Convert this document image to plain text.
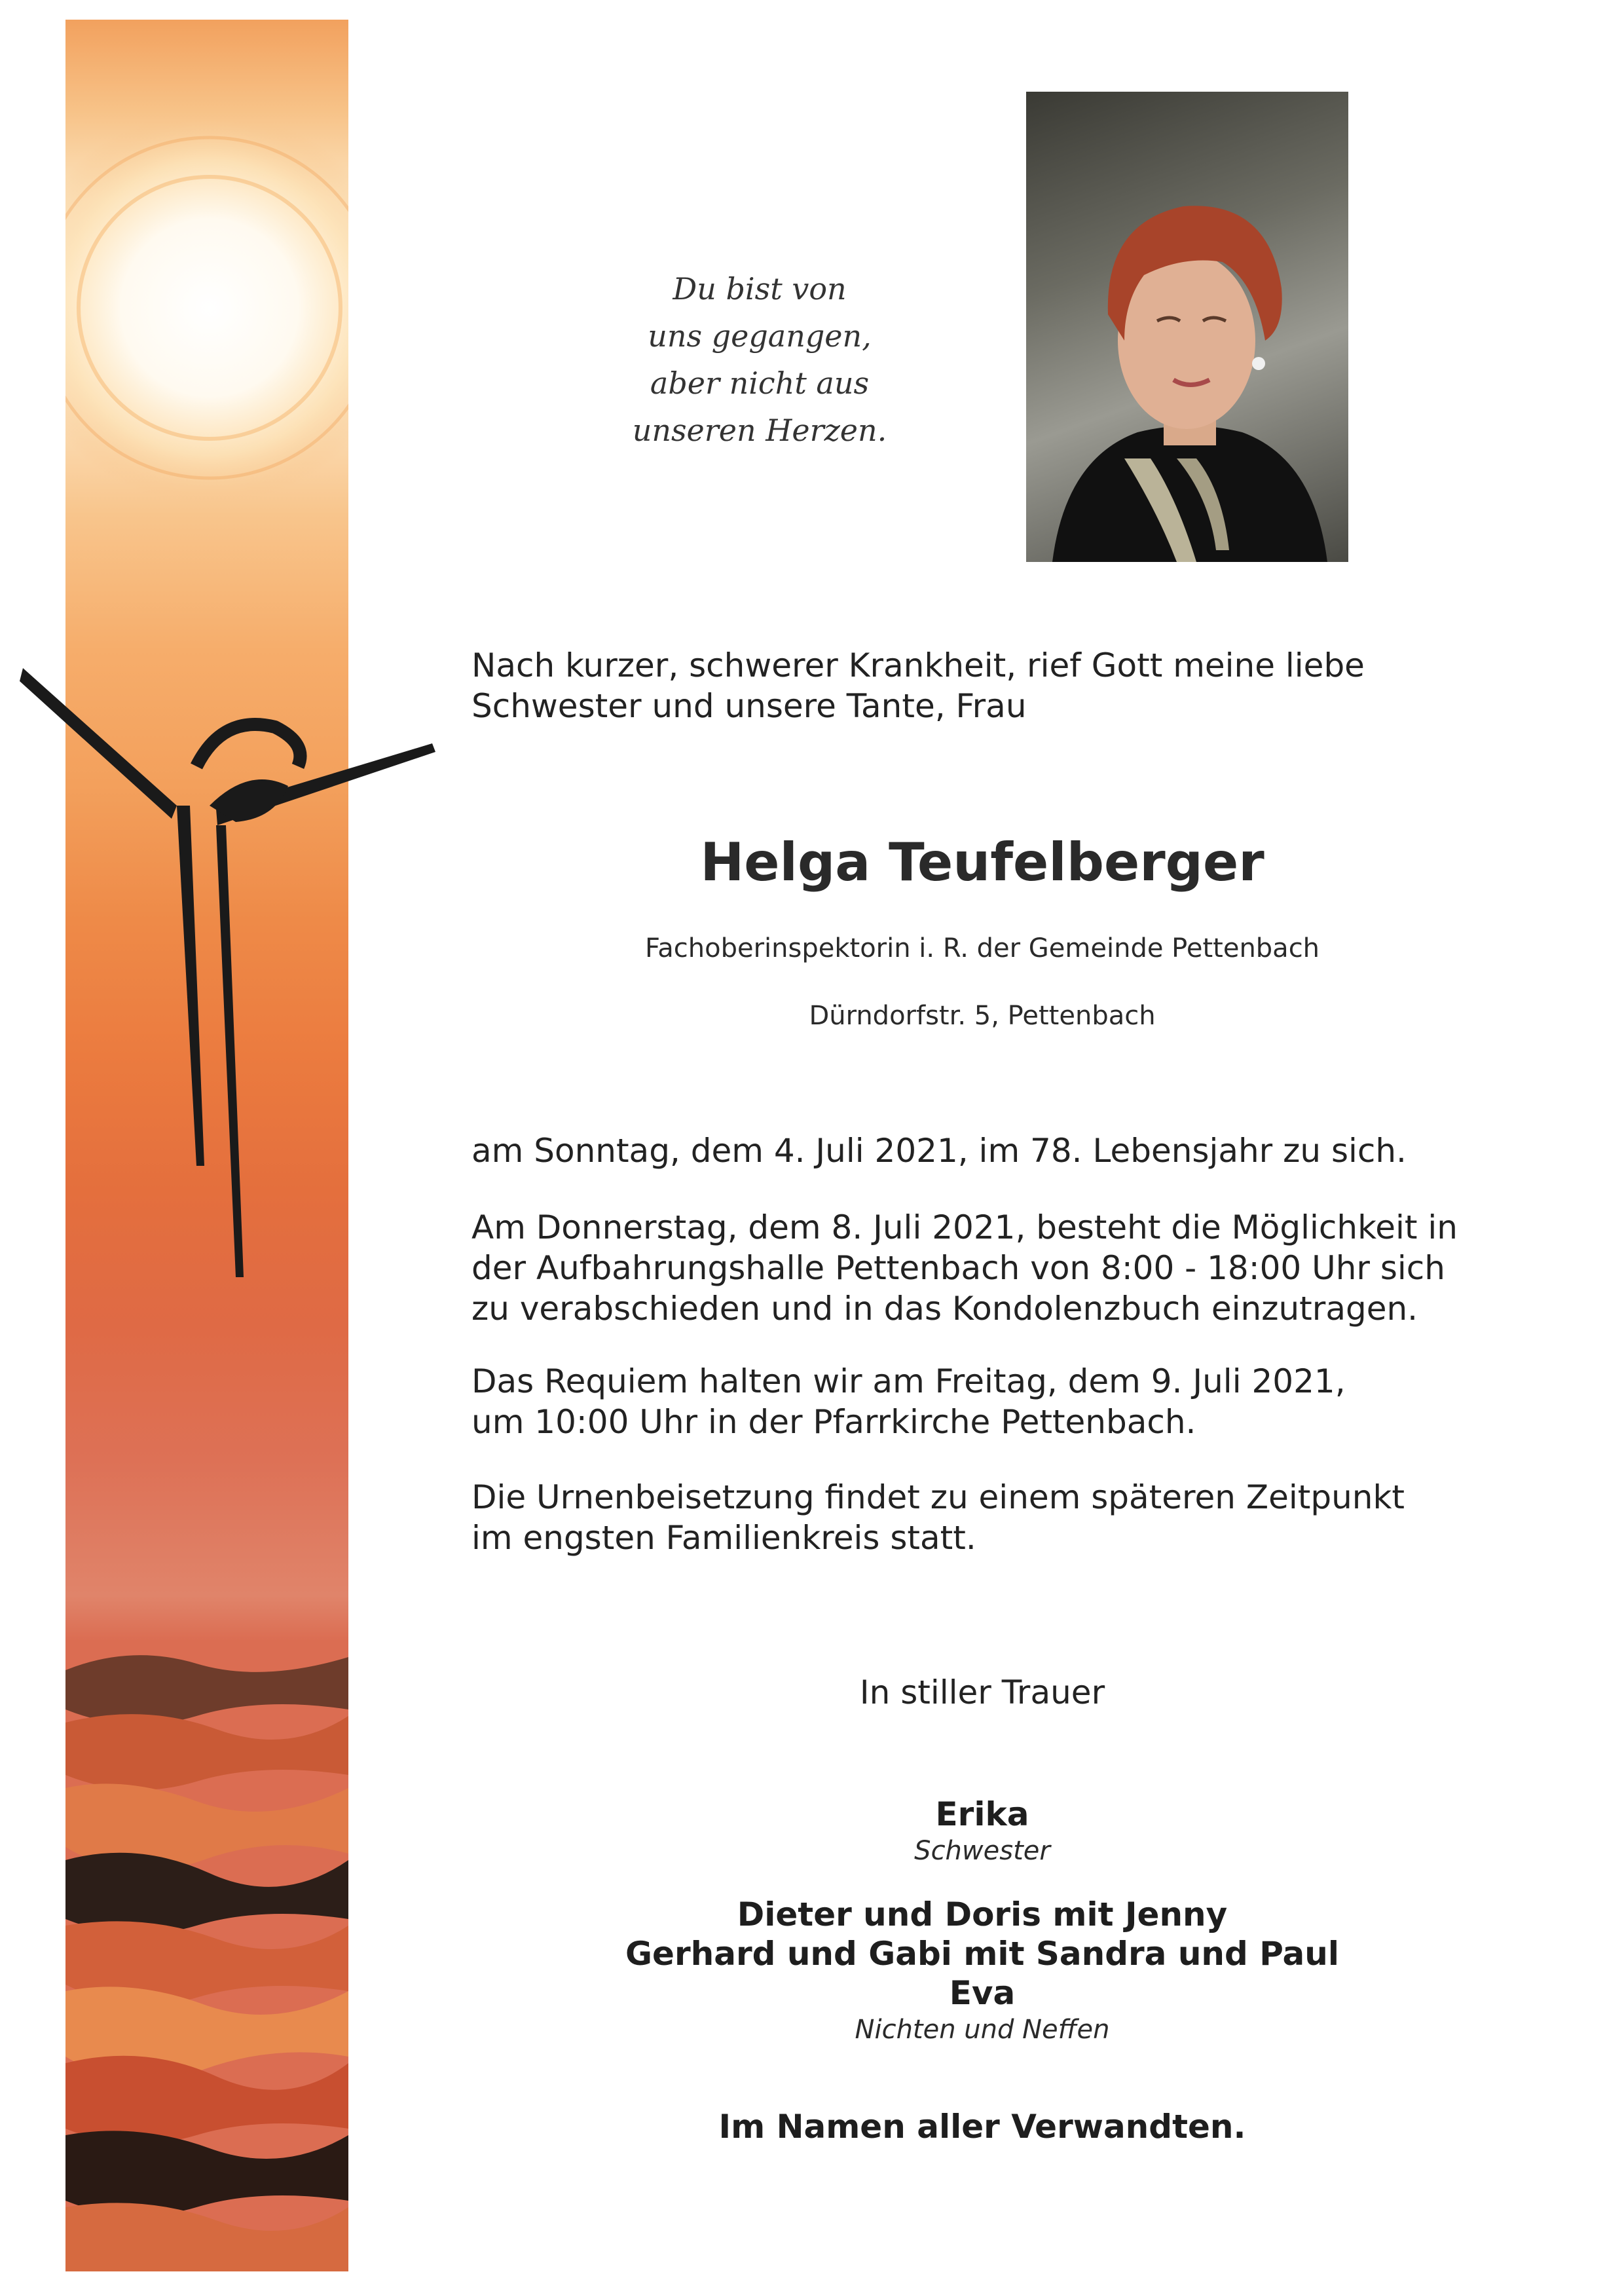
Du bist von
uns gegangen,
aber nicht aus
unseren Herzen.
Nach kurzer, schwerer Krankheit, rief Gott meine liebe
Schwester und unsere Tante, Frau
Helga Teufelberger
Fachoberinspektorin i. R. der Gemeinde Pettenbach
Dürndorfstr. 5, Pettenbach
am Sonntag, dem 4. Juli 2021, im 78. Lebensjahr zu sich.
Am Donnerstag, dem 8. Juli 2021, besteht die Möglichkeit in
der Aufbahrungshalle Pettenbach von 8:00 - 18:00 Uhr sich
zu verabschieden und in das Kondolenzbuch einzutragen.
Das Requiem halten wir am Freitag, dem 9. Juli 2021,
um 10:00 Uhr in der Pfarrkirche Pettenbach.
Die Urnenbeisetzung findet zu einem späteren Zeitpunkt
im engsten Familienkreis statt.
In stiller Trauer
Erika
Schwester
Dieter und Doris mit Jenny
Gerhard und Gabi mit Sandra und Paul
Eva
Nichten und Neffen
Im Namen aller Verwandten.
